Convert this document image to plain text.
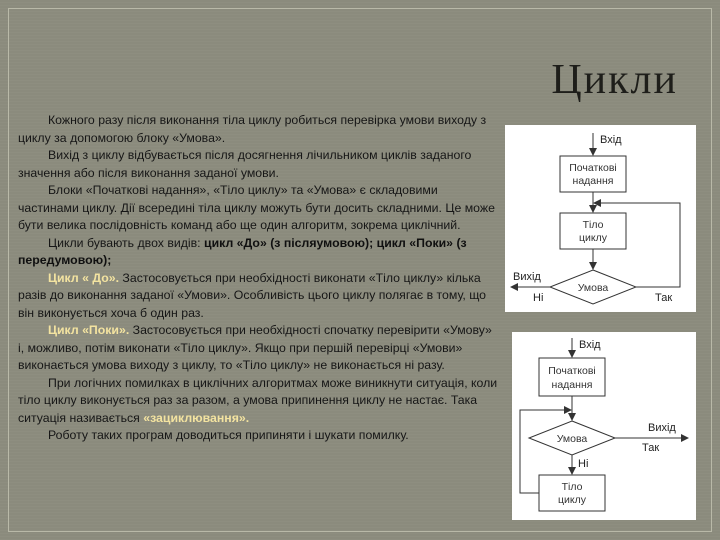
Цикли

Кожного разу після виконання тіла циклу робиться перевірка умови виходу з циклу за допомогою блоку «Умова».

Вихід з циклу відбувається після досягнення лічильником циклів заданого значення або після виконання заданої умови.

Блоки «Початкові надання», «Тіло циклу» та «Умова» є складовими частинами циклу. Дії всередині тіла циклу можуть бути досить складними. Це може бути велика послідовність команд або ще один алгоритм, зокрема циклічний.

Цикли бувають двох видів: цикл «До» (з післяумовою); цикл «Поки» (з передумовою);

Цикл « До». Застосовується при необхідності виконати «Тіло циклу» кілька разів до виконання заданої «Умови». Особливість цього циклу полягає в тому, що він виконується хоча б один раз.

Цикл «Поки». Застосовується при необхідності спочатку перевірити «Умову» і, можливо, потім виконати «Тіло циклу». Якщо при першій перевірці «Умови» виконається умова виходу з циклу, то «Тіло циклу» не виконається ні разу.

При логічних помилках в циклічних алгоритмах може виникнути ситуація, коли тіло циклу виконується раз за разом, а умова припинення циклу не настає. Така ситуація називається «зациклювання».

Роботу таких програм доводиться припиняти і шукати помилку.

Вхід
Початкові
надання
Тіло
циклу
Умова
Вихід
Ні	Так
Вхід
Початкові
надання
Умова
Вихід
Так
Ні
Тіло
циклу
